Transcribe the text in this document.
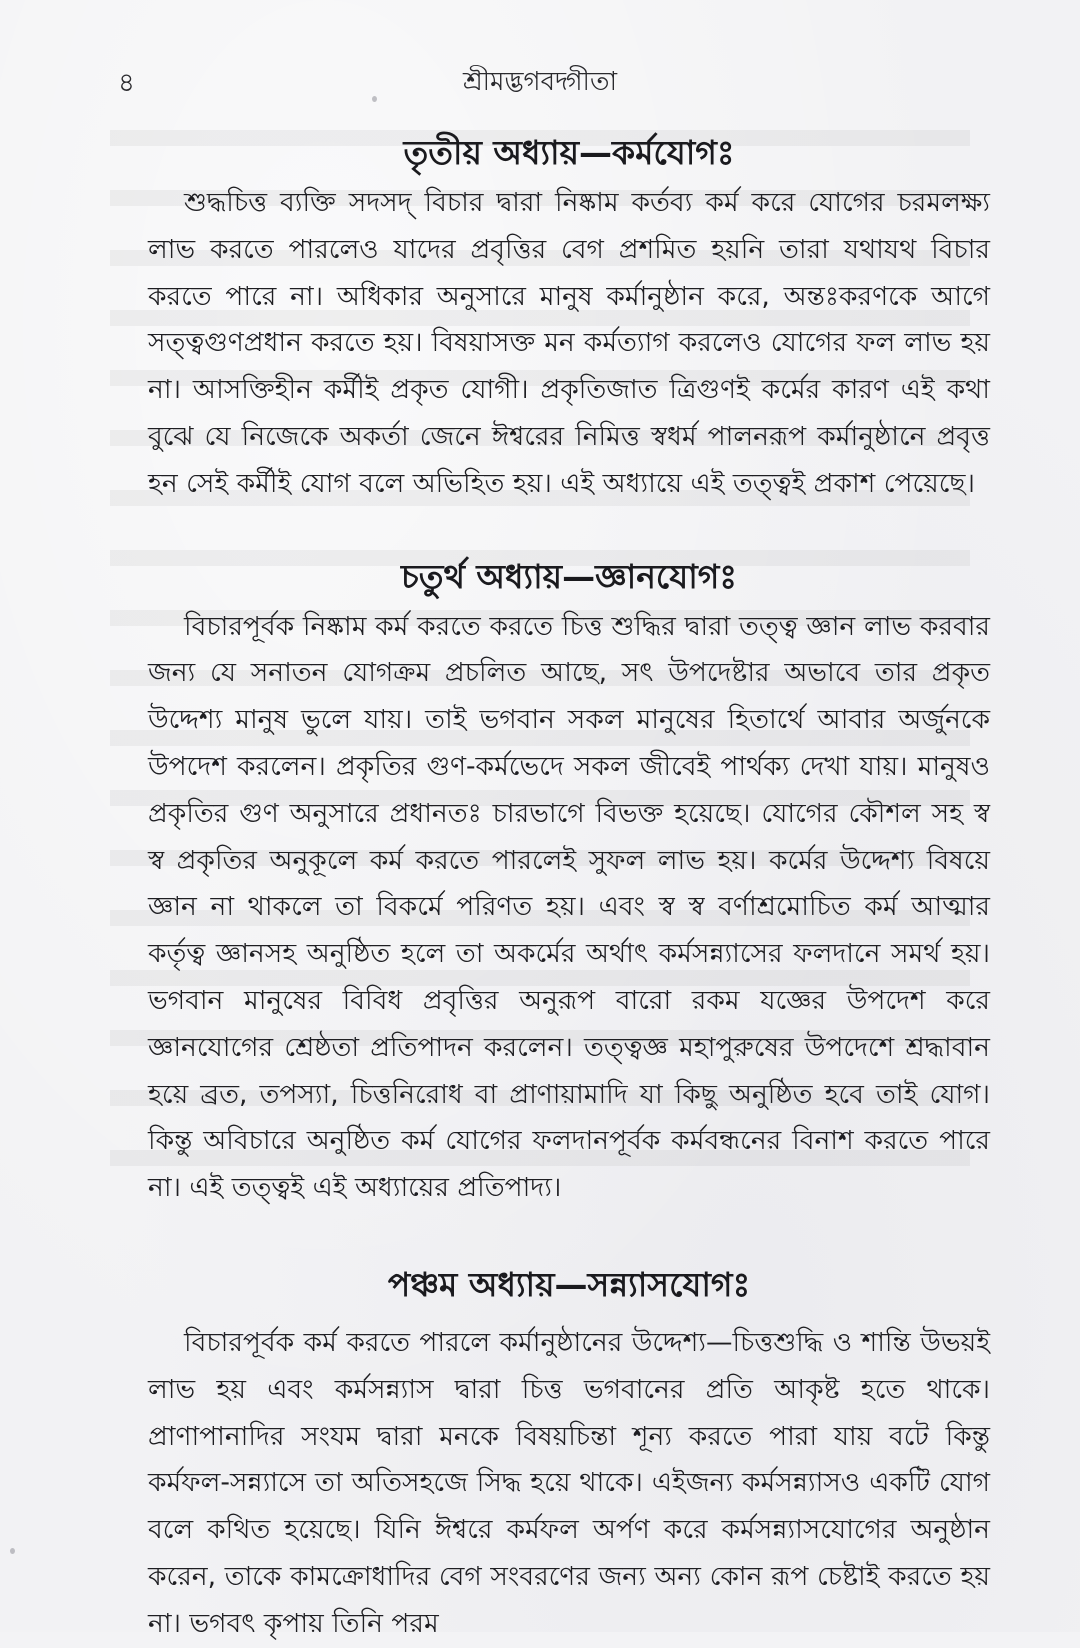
৪	শ্রীমদ্ভগবদ্গীতা
তৃতীয় অধ্যায়—কর্মযোগঃ

শুদ্ধচিত্ত ব্যক্তি সদসদ্ বিচার দ্বারা নিষ্কাম কর্তব্য কর্ম করে যোগের চরমলক্ষ্য লাভ করতে পারলেও যাদের প্রবৃত্তির বেগ প্রশমিত হয়নি তারা যথাযথ বিচার করতে পারে না। অধিকার অনুসারে মানুষ কর্মানুষ্ঠান করে, অন্তঃকরণকে আগে সত্ত্বগুণপ্রধান করতে হয়। বিষয়াসক্ত মন কর্মত্যাগ করলেও যোগের ফল লাভ হয় না। আসক্তিহীন কর্মীই প্রকৃত যোগী। প্রকৃতিজাত ত্রিগুণই কর্মের কারণ এই কথা বুঝে যে নিজেকে অকর্তা জেনে ঈশ্বরের নিমিত্ত স্বধর্ম পালনরূপ কর্মানুষ্ঠানে প্রবৃত্ত হন সেই কর্মীই যোগ বলে অভিহিত হয়। এই অধ্যায়ে এই তত্ত্বই প্রকাশ পেয়েছে।

চতুর্থ অধ্যায়—জ্ঞানযোগঃ

বিচারপূর্বক নিষ্কাম কর্ম করতে করতে চিত্ত শুদ্ধির দ্বারা তত্ত্ব জ্ঞান লাভ করবার জন্য যে সনাতন যোগক্রম প্রচলিত আছে, সৎ উপদেষ্টার অভাবে তার প্রকৃত উদ্দেশ্য মানুষ ভুলে যায়। তাই ভগবান সকল মানুষের হিতার্থে আবার অর্জুনকে উপদেশ করলেন। প্রকৃতির গুণ-কর্মভেদে সকল জীবেই পার্থক্য দেখা যায়। মানুষও প্রকৃতির গুণ অনুসারে প্রধানতঃ চারভাগে বিভক্ত হয়েছে। যোগের কৌশল সহ স্ব স্ব প্রকৃতির অনুকূলে কর্ম করতে পারলেই সুফল লাভ হয়। কর্মের উদ্দেশ্য বিষয়ে জ্ঞান না থাকলে তা বিকর্মে পরিণত হয়। এবং স্ব স্ব বর্ণাশ্রমোচিত কর্ম আত্মার কর্তৃত্ব জ্ঞানসহ অনুষ্ঠিত হলে তা অকর্মের অর্থাৎ কর্মসন্ন্যাসের ফলদানে সমর্থ হয়। ভগবান মানুষের বিবিধ প্রবৃত্তির অনুরূপ বারো রকম যজ্ঞের উপদেশ করে জ্ঞানযোগের শ্রেষ্ঠতা প্রতিপাদন করলেন। তত্ত্বজ্ঞ মহাপুরুষের উপদেশে শ্রদ্ধাবান হয়ে ব্রত, তপস্যা, চিত্তনিরোধ বা প্রাণায়ামাদি যা কিছু অনুষ্ঠিত হবে তাই যোগ। কিন্তু অবিচারে অনুষ্ঠিত কর্ম যোগের ফলদানপূর্বক কর্মবন্ধনের বিনাশ করতে পারে না। এই তত্ত্বই এই অধ্যায়ের প্রতিপাদ্য।

পঞ্চম অধ্যায়—সন্ন্যাসযোগঃ

বিচারপূর্বক কর্ম করতে পারলে কর্মানুষ্ঠানের উদ্দেশ্য—চিত্তশুদ্ধি ও শান্তি উভয়ই লাভ হয় এবং কর্মসন্ন্যাস দ্বারা চিত্ত ভগবানের প্রতি আকৃষ্ট হতে থাকে। প্রাণাপানাদির সংযম দ্বারা মনকে বিষয়চিন্তা শূন্য করতে পারা যায় বটে কিন্তু কর্মফল-সন্ন্যাসে তা অতিসহজে সিদ্ধ হয়ে থাকে। এইজন্য কর্মসন্ন্যাসও একটি যোগ বলে কথিত হয়েছে। যিনি ঈশ্বরে কর্মফল অর্পণ করে কর্মসন্ন্যাসযোগের অনুষ্ঠান করেন, তাকে কামক্রোধাদির বেগ সংবরণের জন্য অন্য কোন রূপ চেষ্টাই করতে হয় না। ভগবৎ কৃপায় তিনি পরম
